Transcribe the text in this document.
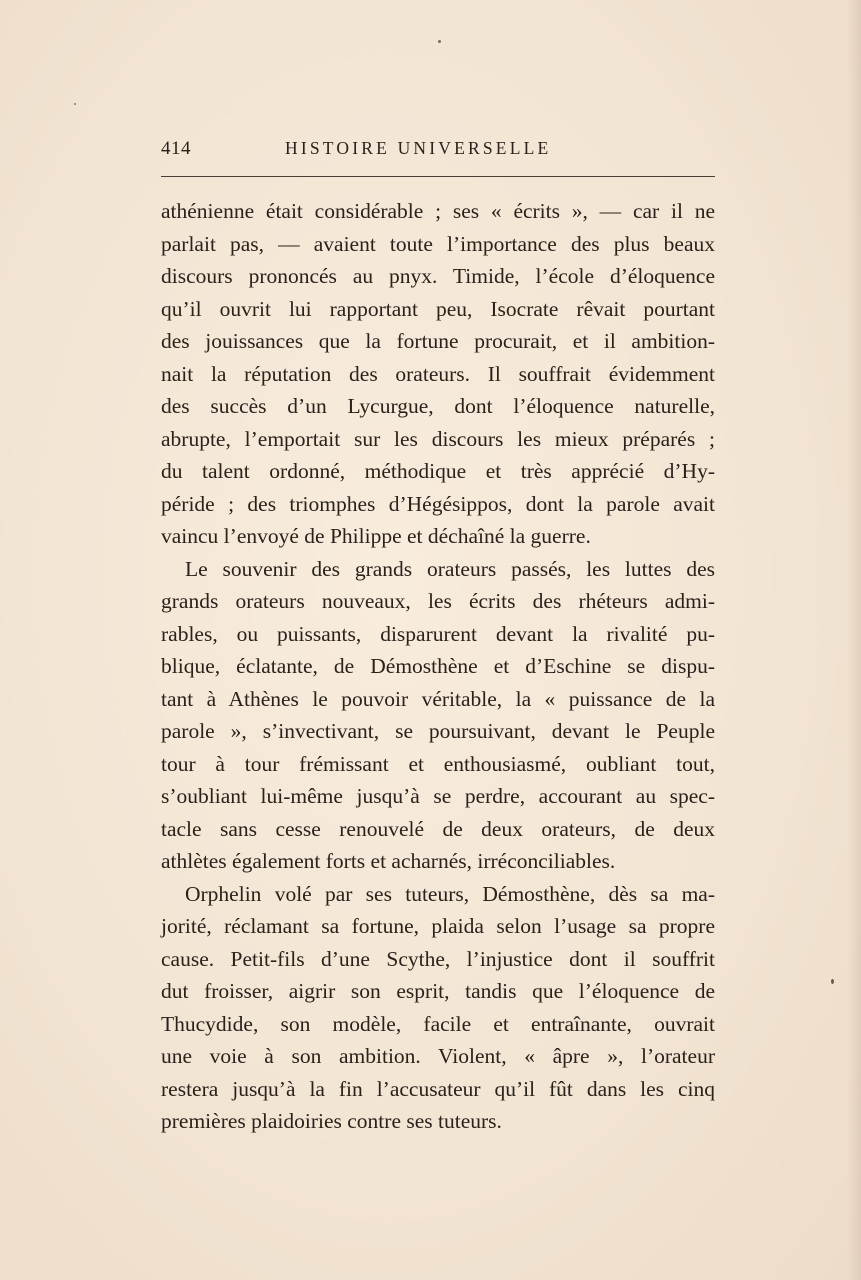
414	HISTOIRE UNIVERSELLE
athénienne était considérable ; ses « écrits », — car il ne
parlait pas, — avaient toute l’importance des plus beaux
discours prononcés au pnyx. Timide, l’école d’éloquence
qu’il ouvrit lui rapportant peu, Isocrate rêvait pourtant
des jouissances que la fortune procurait, et il ambition-
nait la réputation des orateurs. Il souffrait évidemment
des succès d’un Lycurgue, dont l’éloquence naturelle,
abrupte, l’emportait sur les discours les mieux préparés ;
du talent ordonné, méthodique et très apprécié d’Hy-
péride ; des triomphes d’Hégésippos, dont la parole avait
vaincu l’envoyé de Philippe et déchaîné la guerre.
Le souvenir des grands orateurs passés, les luttes des
grands orateurs nouveaux, les écrits des rhéteurs admi-
rables, ou puissants, disparurent devant la rivalité pu-
blique, éclatante, de Démosthène et d’Eschine se dispu-
tant à Athènes le pouvoir véritable, la « puissance de la
parole », s’invectivant, se poursuivant, devant le Peuple
tour à tour frémissant et enthousiasmé, oubliant tout,
s’oubliant lui-même jusqu’à se perdre, accourant au spec-
tacle sans cesse renouvelé de deux orateurs, de deux
athlètes également forts et acharnés, irréconciliables.
Orphelin volé par ses tuteurs, Démosthène, dès sa ma-
jorité, réclamant sa fortune, plaida selon l’usage sa propre
cause. Petit-fils d’une Scythe, l’injustice dont il souffrit
dut froisser, aigrir son esprit, tandis que l’éloquence de
Thucydide, son modèle, facile et entraînante, ouvrait
une voie à son ambition. Violent, « âpre », l’orateur
restera jusqu’à la fin l’accusateur qu’il fût dans les cinq
premières plaidoiries contre ses tuteurs.
